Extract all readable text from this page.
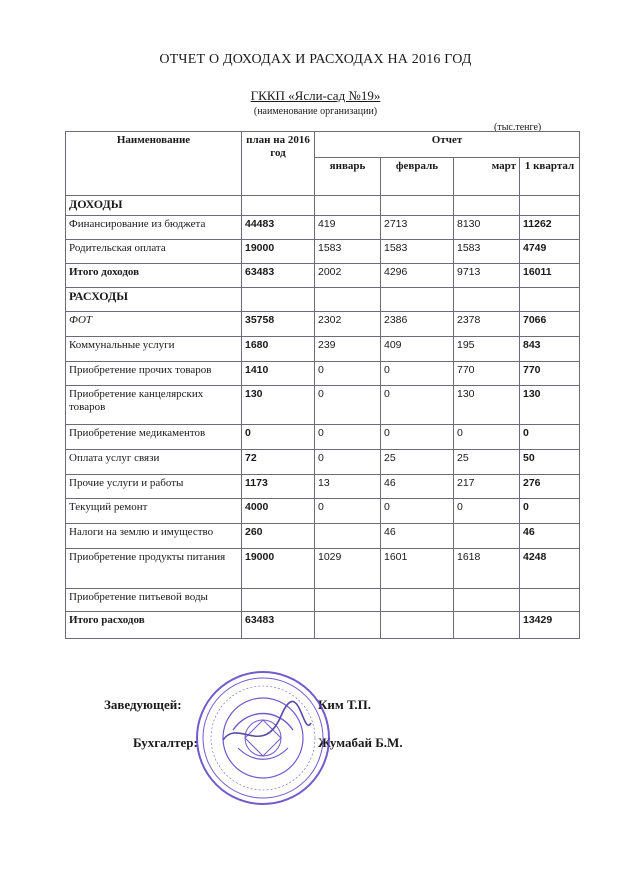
ОТЧЕТ О ДОХОДАХ И РАСХОДАХ НА 2016 ГОД
ГККП «Ясли-сад №19»
(наименование организации)
(тыс.тенге)
Наименование	план на 2016 год	Отчет			
		январь	февраль	март	1 квартал
ДОХОДЫ					
Финансирование из бюджета	44483	419	2713	8130	11262
Родительская оплата	19000	1583	1583	1583	4749
Итого доходов	63483	2002	4296	9713	16011
РАСХОДЫ					
ФОТ	35758	2302	2386	2378	7066
Коммунальные услуги	1680	239	409	195	843
Приобретение прочих товаров	1410	0	0	770	770
Приобретение канцелярских товаров	130	0	0	130	130
Приобретение медикаментов	0	0	0	0	0
Оплата услуг связи	72	0	25	25	50
Прочие услуги и работы	1173	13	46	217	276
Текущий ремонт	4000	0	0	0	0
Налоги на землю и имущество	260		46		46
Приобретение продукты питания	19000	1029	1601	1618	4248
Приобретение питьевой воды					
Итого расходов	63483				13429
Заведующей:	Ким Т.П.
Бухгалтер:	Жумабай Б.М.
